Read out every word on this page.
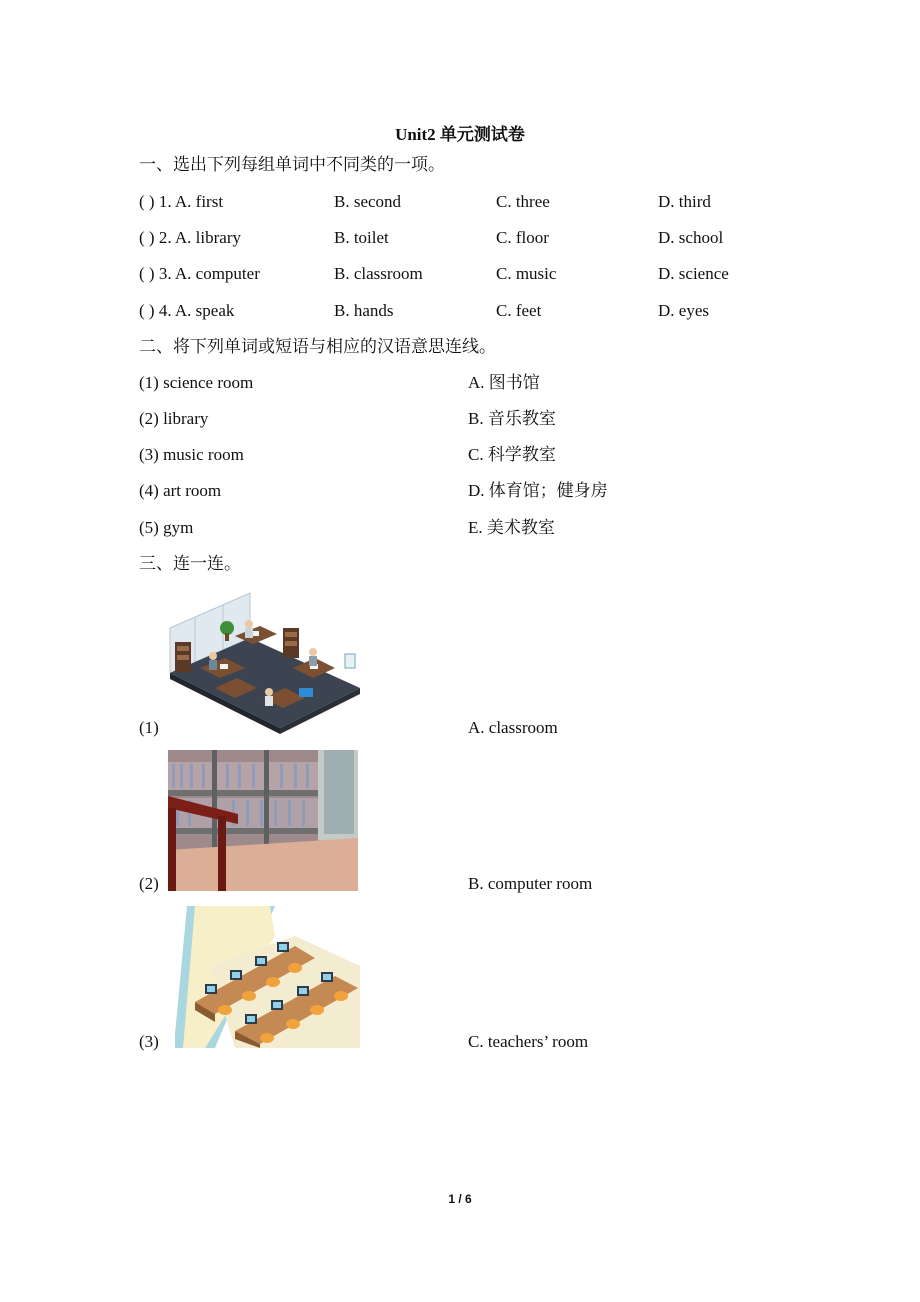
Unit2 单元测试卷
一、选出下列每组单词中不同类的一项。
( ) 1. A. first	B. second	C. three	D. third
( ) 2. A. library	B. toilet	C. floor	D. school
( ) 3. A. computer	B. classroom	C. music	D. science
( ) 4. A. speak	B. hands	C. feet	D. eyes
二、将下列单词或短语与相应的汉语意思连线。
(1) science room	A. 图书馆
(2) library	B. 音乐教室
(3) music room	C. 科学教室
(4) art room	D. 体育馆；健身房
(5) gym	E. 美术教室
三、连一连。
(1)	A. classroom
(2)	B. computer room
(3)	C. teachers’ room
1 / 6
